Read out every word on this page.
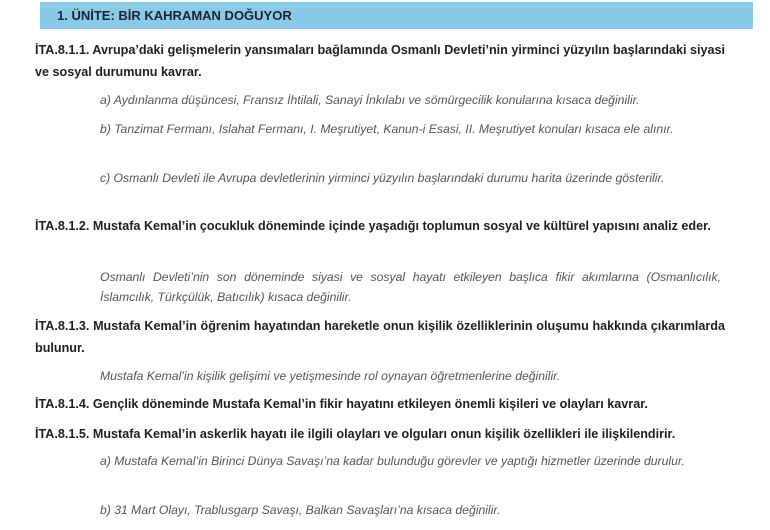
1. ÜNİTE: BİR KAHRAMAN DOĞUYOR
İTA.8.1.1. Avrupa’daki gelişmelerin yansımaları bağlamında Osmanlı Devleti’nin yirminci yüzyılın başlarındaki siyasi ve sosyal durumunu kavrar.
a) Aydınlanma düşüncesi, Fransız İhtilali, Sanayi İnkılabı ve sömürgecilik konularına kısaca değinilir.
b) Tanzimat Fermanı, Islahat Fermanı, I. Meşrutiyet, Kanun-i Esasi, II. Meşrutiyet konuları kısaca ele alınır.
c) Osmanlı Devleti ile Avrupa devletlerinin yirminci yüzyılın başlarındaki durumu harita üzerinde gösterilir.
İTA.8.1.2. Mustafa Kemal’in çocukluk döneminde içinde yaşadığı toplumun sosyal ve kültürel yapısını analiz eder.
Osmanlı Devleti’nin son döneminde siyasi ve sosyal hayatı etkileyen başlıca fikir akımlarına (Osmanlıcılık, İslamcılık, Türkçülük, Batıcılık) kısaca değinilir.
İTA.8.1.3. Mustafa Kemal’in öğrenim hayatından hareketle onun kişilik özelliklerinin oluşumu hakkında çıkarımlarda bulunur.
Mustafa Kemal’in kişilik gelişimi ve yetişmesinde rol oynayan öğretmenlerine değinilir.
İTA.8.1.4. Gençlik döneminde Mustafa Kemal’in fikir hayatını etkileyen önemli kişileri ve olayları kavrar.
İTA.8.1.5. Mustafa Kemal’in askerlik hayatı ile ilgili olayları ve olguları onun kişilik özellikleri ile ilişkilendirir.
a) Mustafa Kemal’in Birinci Dünya Savaşı’na kadar bulunduğu görevler ve yaptığı hizmetler üzerinde durulur.
b) 31 Mart Olayı, Trablusgarp Savaşı, Balkan Savaşları’na kısaca değinilir.
